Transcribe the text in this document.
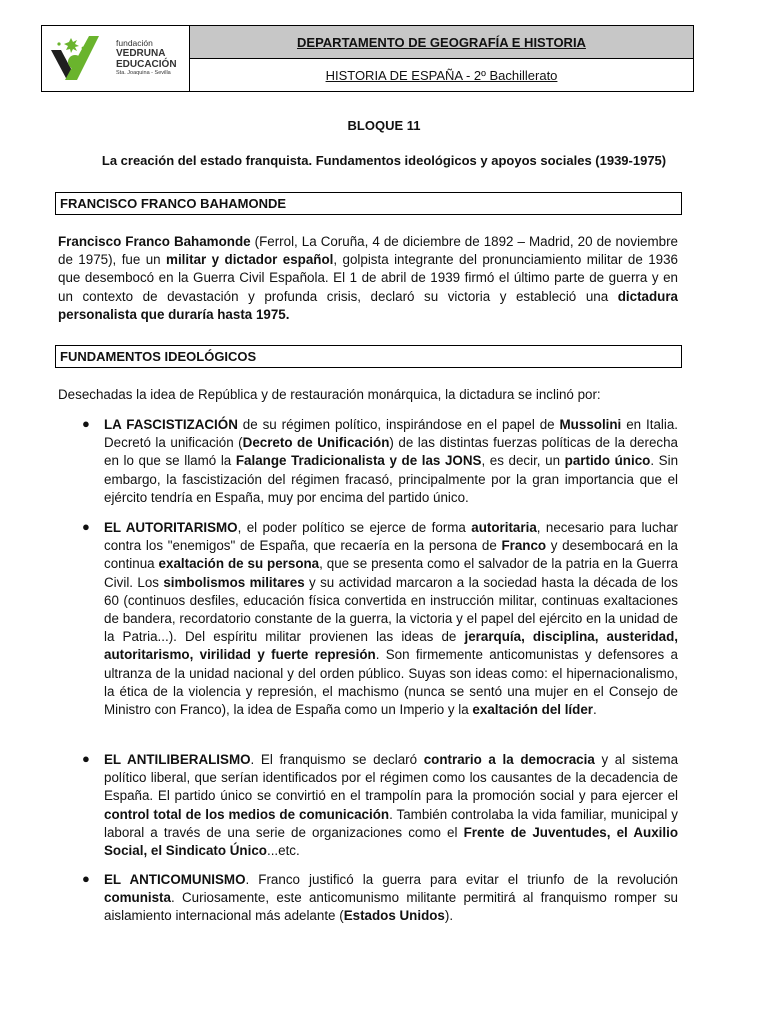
fundación
VEDRUNA
EDUCACIÓN
Sta. Joaquina - Sevilla
DEPARTAMENTO DE GEOGRAFÍA E HISTORIA
HISTORIA DE ESPAÑA - 2º Bachillerato
BLOQUE 11
La creación del estado franquista. Fundamentos ideológicos y apoyos sociales (1939-1975)
FRANCISCO FRANCO BAHAMONDE
Francisco Franco Bahamonde (Ferrol, La Coruña, 4 de diciembre de 1892 – Madrid, 20 de noviembre de 1975), fue un militar y dictador español, golpista integrante del pronunciamiento militar de 1936 que desembocó en la Guerra Civil Española. El 1 de abril de 1939 firmó el último parte de guerra y en un contexto de devastación y profunda crisis, declaró su victoria y estableció una dictadura personalista que duraría hasta 1975.
FUNDAMENTOS IDEOLÓGICOS
Desechadas la idea de República y de restauración monárquica, la dictadura se inclinó por:
● LA FASCISTIZACIÓN de su régimen político, inspirándose en el papel de Mussolini en Italia. Decretó la unificación (Decreto de Unificación) de las distintas fuerzas políticas de la derecha en lo que se llamó la Falange Tradicionalista y de las JONS, es decir, un partido único. Sin embargo, la fascistización del régimen fracasó, principalmente por la gran importancia que el ejército tendría en España, muy por encima del partido único.
● EL AUTORITARISMO, el poder político se ejerce de forma autoritaria, necesario para luchar contra los "enemigos" de España, que recaería en la persona de Franco y desembocará en la continua exaltación de su persona, que se presenta como el salvador de la patria en la Guerra Civil. Los simbolismos militares y su actividad marcaron a la sociedad hasta la década de los 60 (continuos desfiles, educación física convertida en instrucción militar, continuas exaltaciones de bandera, recordatorio constante de la guerra, la victoria y el papel del ejército en la unidad de la Patria...). Del espíritu militar provienen las ideas de jerarquía, disciplina, austeridad, autoritarismo, virilidad y fuerte represión. Son firmemente anticomunistas y defensores a ultranza de la unidad nacional y del orden público. Suyas son ideas como: el hipernacionalismo, la ética de la violencia y represión, el machismo (nunca se sentó una mujer en el Consejo de Ministro con Franco), la idea de España como un Imperio y la exaltación del líder.
● EL ANTILIBERALISMO. El franquismo se declaró contrario a la democracia y al sistema político liberal, que serían identificados por el régimen como los causantes de la decadencia de España. El partido único se convirtió en el trampolín para la promoción social y para ejercer el control total de los medios de comunicación. También controlaba la vida familiar, municipal y laboral a través de una serie de organizaciones como el Frente de Juventudes, el Auxilio Social, el Sindicato Único...etc.
● EL ANTICOMUNISMO. Franco justificó la guerra para evitar el triunfo de la revolución comunista. Curiosamente, este anticomunismo militante permitirá al franquismo romper su aislamiento internacional más adelante (Estados Unidos).
